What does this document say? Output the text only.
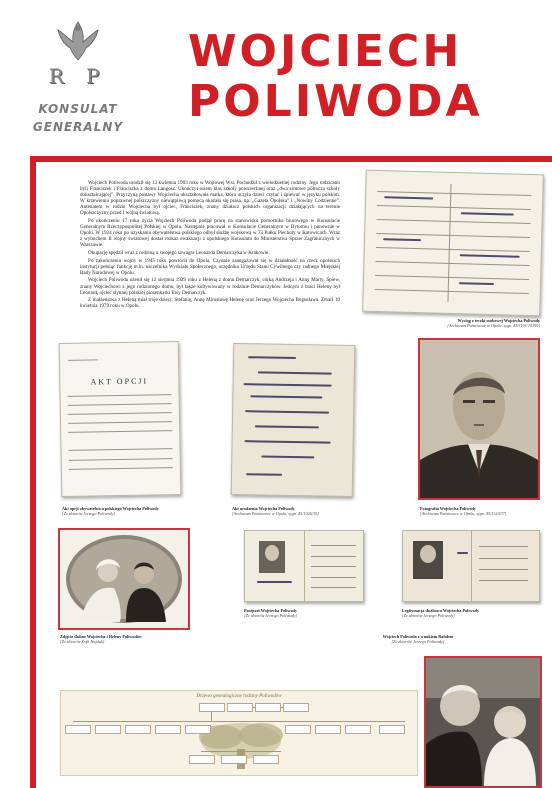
R P
KONSULAT
GENERALNY
WOJCIECH
POLIWODA

Wojciech Poliwoda urodził się 13 kwietnia 1903 roku w Wojtowej Wsi. Pochodził z wielodzietnej rodziny. Jego rodzicami byli Franciszek i Franciszka z domu Langosz. Ukończył osiem klas szkoły powszechnej oraz „dwa zimowe półrocza szkoły dokształcającej”. Przyczyną postawy Wojciecha ukształtowała matka, która uczyła dzieci czytać i śpiewać w języku polskim. W krzewieniu poprawnej polszczyzny niewątpliwą pomocą okazała się prasa, np. „Gazeta Opolska” i „Nowiny Codzienne”. Antenatem w rodzie Wojciecha był ojciec, Franciszek, znany działacz polskich organizacji działających na terenie Opolszczyzny przed I wojną światową.

Po ukończeniu 17 roku życia Wojciech Poliwoda podjął pracę na stanowisku pomocnika biurowego w Konsulacie Generalnym Rzeczypospolitej Polskiej w Opolu. Następnie pracował w Konsulacie Generalnym w Bytomiu i ponownie w Opolu. W 1924 roku po uzyskaniu obywatelstwa polskiego odbył służbę wojskową w 73 Pułku Piechoty w Katowicach. Wraz z wybuchem II wojny światowej dostał rozkaz ewakuacji z opolskiego Konsulatu do Ministerstwa Spraw Zagranicznych w Warszawie.

Okupację spędził wraz z rodziną u swojego szwagra Leonarda Demarczyka w Krakowie.

Po zakończeniu wojny w 1945 roku powrócił do Opola. Czynnie zaangażował się w działalność na rzecz opolskich instytucji pełniąc funkcję m.in. naczelnika Wydziału Społecznego, urzędnika Urzędu Stanu Cywilnego czy radnego Miejskiej Rady Narodowej w Opolu.

Wojciech Poliwoda ożenił się 12 sierpnia 1929 roku z Heleną z domu Demarczyk, córką Andrzeja i Anny Marty. Śpiew, znany Wojciechowi z jego rodzinnego domu, był także kultywowany w rodzinie Demarczyków. Jednym z braci Heleny był Leonard, ojciec słynnej polskiej piosenkarki Ewy Demarczyk.

Z małżeństwa z Heleną miał troje dzieci: Stefanię, Annę Mirosławę Helenę oraz Jerzego Wojciecha Bogusława. Zmarł 10 kwietnia 1979 roku w Opolu.

Wyciąg z teczki osobowej Wojciecha Poliwody
[Archiwum Państwowe w Opolu, sygn. 45/1191/10399]
AKT OPCJI
Akt opcji obywatelstwa polskiego Wojciecha Poliwody
[Ze zbiorów Jerzego Poliwody]
Akt urodzenia Wojciecha Poliwody
[Archiwum Państwowe w Opolu, sygn. 45/1026/30]
Fotografia Wojciecha Poliwody
[Archiwum Państwowe w Opolu, sygn. 45/112/437]
Zdjęcie ślubne Wojciecha i Heleny Poliwodów
[Ze zbiorów Zofii Hajduk]
Paszport Wojciecha Poliwody
[Ze zbiorów Jerzego Poliwody]
Legitymacja służbowa Wojciecha Poliwody
[Ze zbiorów Jerzego Poliwody]
Wojciech Poliwoda z wnukiem Rafałem
[Ze zbiorów Jerzego Poliwody]
Drzewo genealogiczne rodziny Poliwodów
